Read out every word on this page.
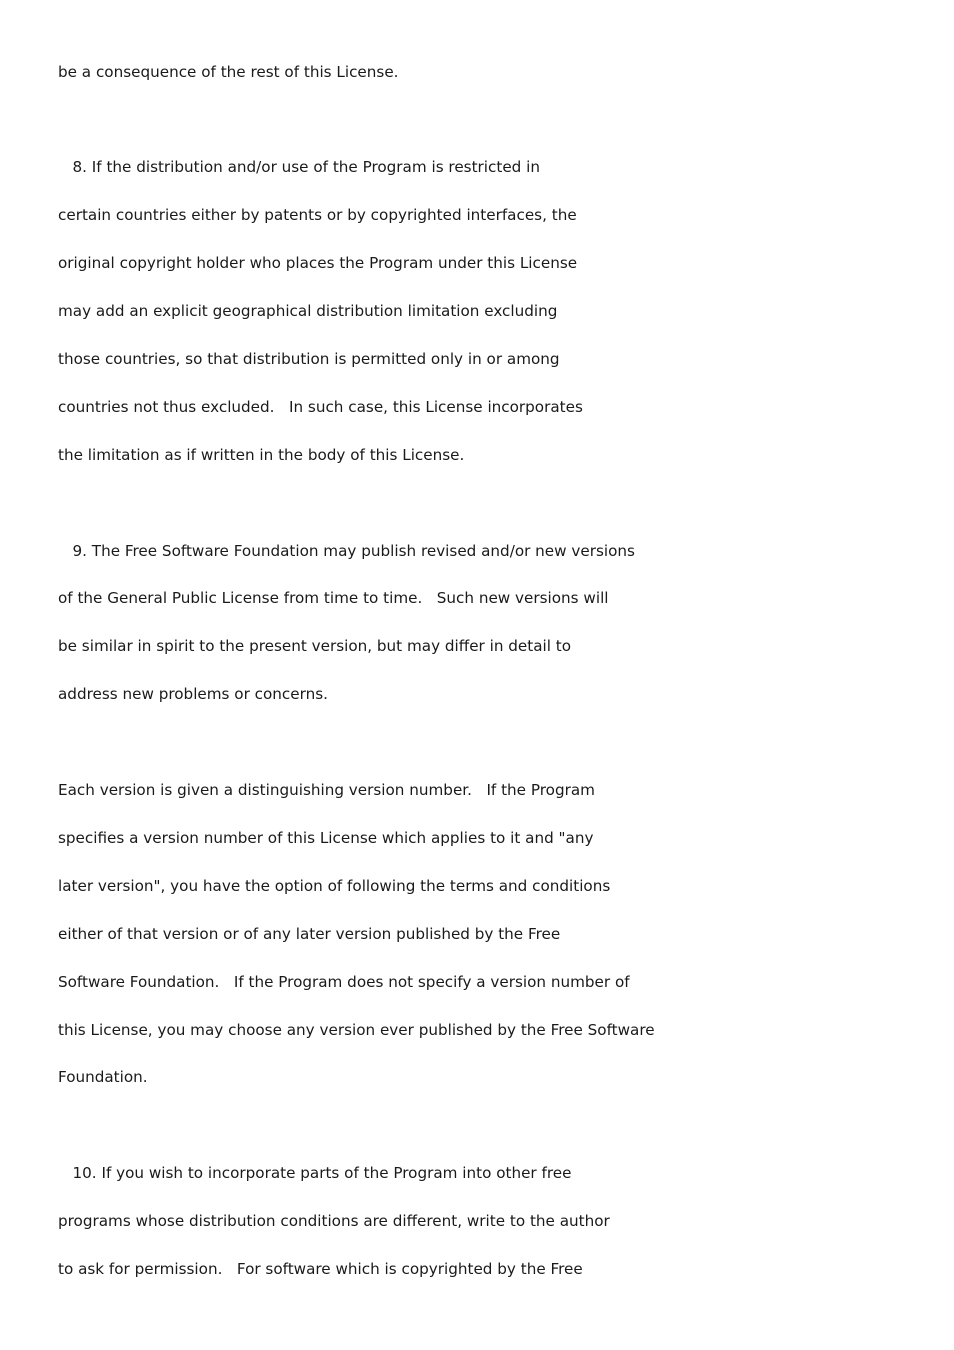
be a consequence of the rest of this License.
8. If the distribution and/or use of the Program is restricted in
certain countries either by patents or by copyrighted interfaces, the
original copyright holder who places the Program under this License
may add an explicit geographical distribution limitation excluding
those countries, so that distribution is permitted only in or among
countries not thus excluded.   In such case, this License incorporates
the limitation as if written in the body of this License.
9. The Free Software Foundation may publish revised and/or new versions
of the General Public License from time to time.   Such new versions will
be similar in spirit to the present version, but may differ in detail to
address new problems or concerns.
Each version is given a distinguishing version number.   If the Program
specifies a version number of this License which applies to it and "any
later version", you have the option of following the terms and conditions
either of that version or of any later version published by the Free
Software Foundation.   If the Program does not specify a version number of
this License, you may choose any version ever published by the Free Software
Foundation.
10. If you wish to incorporate parts of the Program into other free
programs whose distribution conditions are different, write to the author
to ask for permission.   For software which is copyrighted by the Free
